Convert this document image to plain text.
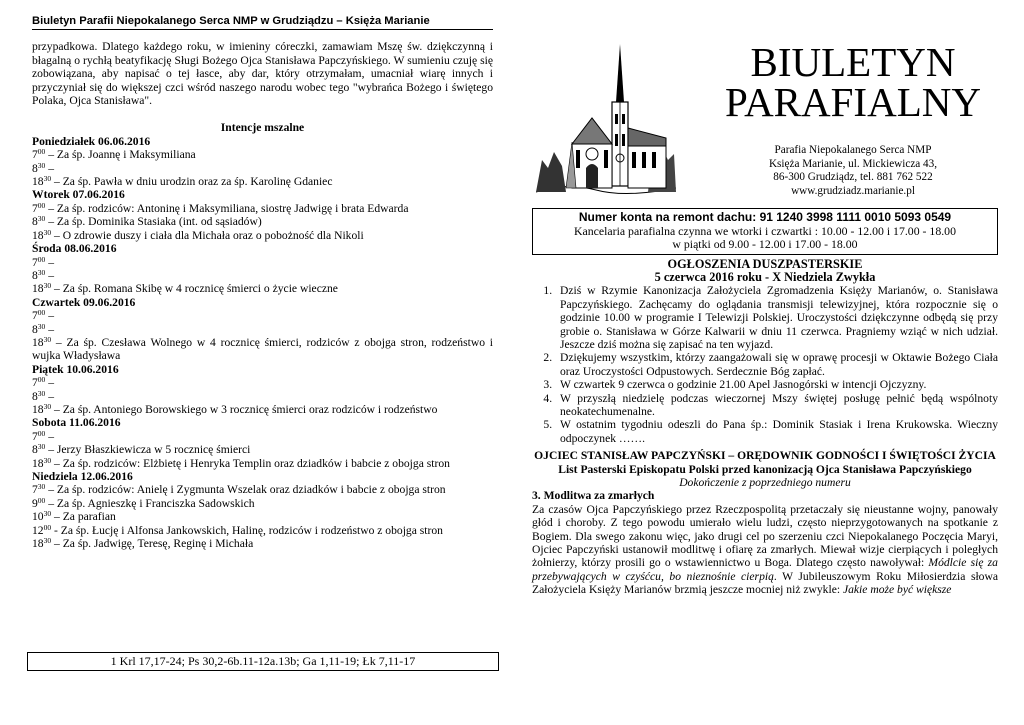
Biuletyn Parafii Niepokalanego Serca NMP w Grudziądzu – Księża Marianie
przypadkowa. Dlatego każdego roku, w imieniny córeczki, zamawiam Mszę św. dziękczynną i błagalną o rychłą beatyfikację Sługi Bożego Ojca Stanisława Papczyńskiego. W sumieniu czuję się zobowiązana, aby napisać o tej łasce, aby dar, który otrzymałam, umacniał wiarę innych i przyczyniał się do większej czci wśród naszego narodu wobec tego "wybrańca Bożego i świętego Polaka, Ojca Stanisława".
Intencje mszalne
Poniedziałek 06.06.2016
$7^{00}$ – Za śp. Joannę i Maksymiliana
$8^{30}$ –
$18^{30}$ – Za śp. Pawła w dniu urodzin oraz za śp. Karolinę Gdaniec
Wtorek 07.06.2016
$7^{00}$ – Za śp. rodziców: Antoninę i Maksymiliana, siostrę Jadwigę i brata Edwarda
$8^{30}$ – Za śp. Dominika Stasiaka (int. od sąsiadów)
$18^{30}$ – O zdrowie duszy i ciała dla Michała oraz o pobożność dla Nikoli
Środa 08.06.2016
$7^{00}$ –
$8^{30}$ –
$18^{30}$ – Za śp. Romana Skibę w 4 rocznicę śmierci o życie wieczne
Czwartek 09.06.2016
$7^{00}$ –
$8^{30}$ –
$18^{30}$ – Za śp. Czesława Wolnego w 4 rocznicę śmierci, rodziców z obojga stron, rodzeństwo i wujka Władysława
Piątek 10.06.2016
$7^{00}$ –
$8^{30}$ –
$18^{30}$ – Za śp. Antoniego Borowskiego w 3 rocznicę śmierci oraz rodziców i rodzeństwo
Sobota 11.06.2016
$7^{00}$ –
$8^{30}$ – Jerzy Błaszkiewicza w 5 rocznicę śmierci
$18^{30}$ – Za śp. rodziców: Elżbietę i Henryka Templin oraz dziadków i babcie z obojga stron
Niedziela 12.06.2016
$7^{30}$ – Za śp. rodziców: Anielę i Zygmunta Wszelak oraz dziadków i babcie z obojga stron
$9^{00}$ – Za śp. Agnieszkę i Franciszka Sadowskich
$10^{30}$ – Za parafian
$12^{00}$ - Za śp. Łucję i Alfonsa Jankowskich, Halinę, rodziców i rodzeństwo z obojga stron
$18^{30}$ – Za śp. Jadwigę, Teresę, Reginę i Michała
1 Krl 17,17-24; Ps 30,2-6b.11-12a.13b; Ga 1,11-19; Łk 7,11-17
BIULETYN
PARAFIALNY
Parafia Niepokalanego Serca NMP
Księża Marianie, ul. Mickiewicza 43,
86-300 Grudziądz, tel. 881 762 522
www.grudziadz.marianie.pl
Numer konta na remont dachu: 91 1240 3998 1111 0010 5093 0549
Kancelaria parafialna czynna we wtorki i czwartki : 10.00 - 12.00 i 17.00 - 18.00
w piątki od 9.00 - 12.00 i 17.00 - 18.00
OGŁOSZENIA DUSZPASTERSKIE
5 czerwca 2016 roku - X Niedziela Zwykła
1. Dziś w Rzymie Kanonizacja Założyciela Zgromadzenia Księży Marianów, o. Stanisława Papczyńskiego. Zachęcamy do oglądania transmisji telewizyjnej, która rozpocznie się o godzinie 10.00 w programie I Telewizji Polskiej. Uroczystości dziękczynne odbędą się przy grobie o. Stanisława w Górze Kalwarii w dniu 11 czerwca. Pragniemy wziąć w nich udział. Jeszcze dziś można się zapisać na ten wyjazd.
2. Dziękujemy wszystkim, którzy zaangażowali się w oprawę procesji w Oktawie Bożego Ciała oraz Uroczystości Odpustowych. Serdecznie Bóg zapłać.
3. W czwartek 9 czerwca o godzinie 21.00 Apel Jasnogórski w intencji Ojczyzny.
4. W przyszłą niedzielę podczas wieczornej Mszy świętej posługę pełnić będą wspólnoty neokatechumenalne.
5. W ostatnim tygodniu odeszli do Pana śp.: Dominik Stasiak i Irena Krukowska. Wieczny odpoczynek …….
OJCIEC STANISŁAW PAPCZYŃSKI – ORĘDOWNIK GODNOŚCI I ŚWIĘTOŚCI ŻYCIA
List Pasterski Episkopatu Polski przed kanonizacją Ojca Stanisława Papczyńskiego
Dokończenie z poprzedniego numeru
3. Modlitwa za zmarłych
Za czasów Ojca Papczyńskiego przez Rzeczpospolitą przetaczały się nieustanne wojny, panowały głód i choroby. Z tego powodu umierało wielu ludzi, często nieprzygotowanych na spotkanie z Bogiem. Dla swego zakonu więc, jako drugi cel po szerzeniu czci Niepokalanego Poczęcia Maryi, Ojciec Papczyński ustanowił modlitwę i ofiarę za zmarłych. Miewał wizje cierpiących i poległych żołnierzy, którzy prosili go o wstawiennictwo u Boga. Dlatego często nawoływał: Módlcie się za przebywających w czyśćcu, bo nieznośnie cierpią. W Jubileuszowym Roku Miłosierdzia słowa Założyciela Księży Marianów brzmią jeszcze mocniej niż zwykle: Jakie może być większe
